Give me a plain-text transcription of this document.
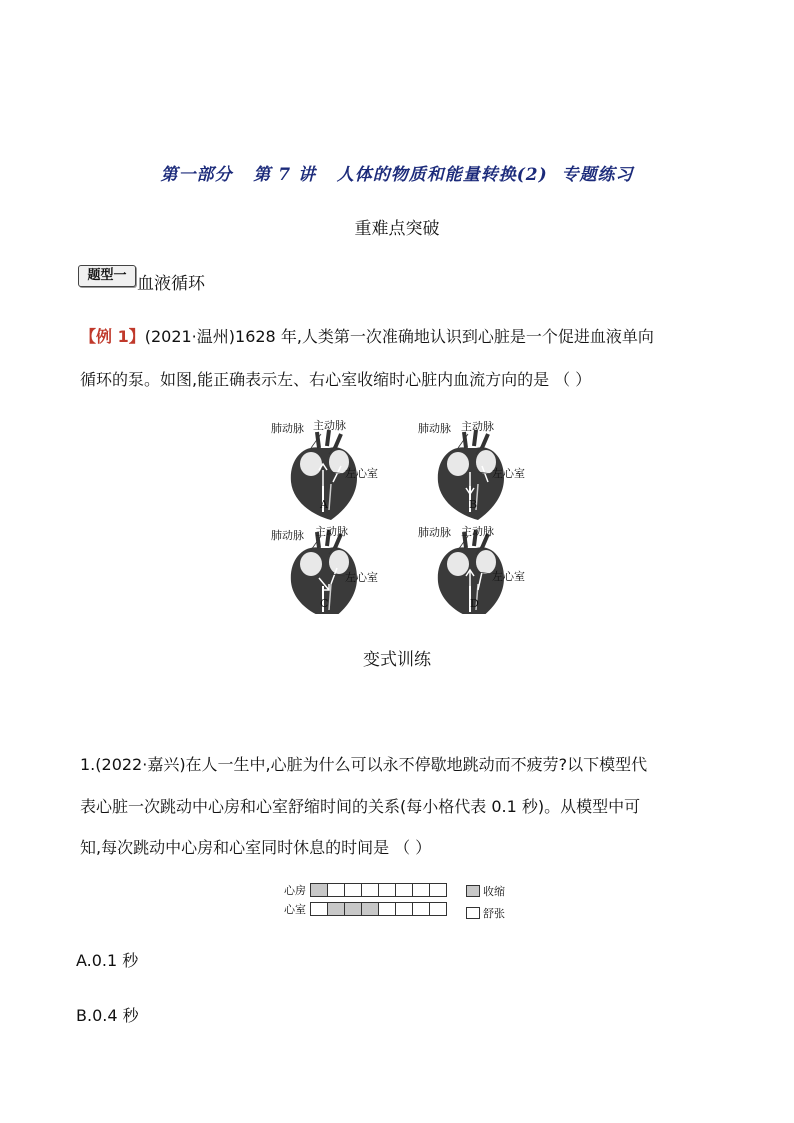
第一部分   第 7 讲   人体的物质和能量转换(2)  专题练习
重难点突破
题型一 血液循环
【例 1】(2021·温州)1628 年,人类第一次准确地认识到心脏是一个促进血液单向
循环的泵。如图,能正确表示左、右心室收缩时心脏内血流方向的是 （ ）
肺动脉 主动脉
左心室
A
肺动脉 主动脉
左心室
B
肺动脉 主动脉
左心室
C
肺动脉 主动脉
左心室
D
变式训练
1.(2022·嘉兴)在人一生中,心脏为什么可以永不停歇地跳动而不疲劳?以下模型代
表心脏一次跳动中心房和心室舒缩时间的关系(每小格代表 0.1 秒)。从模型中可
知,每次跳动中心房和心室同时休息的时间是 （ ）
心房
心室
收缩
舒张
A.0.1 秒
B.0.4 秒
